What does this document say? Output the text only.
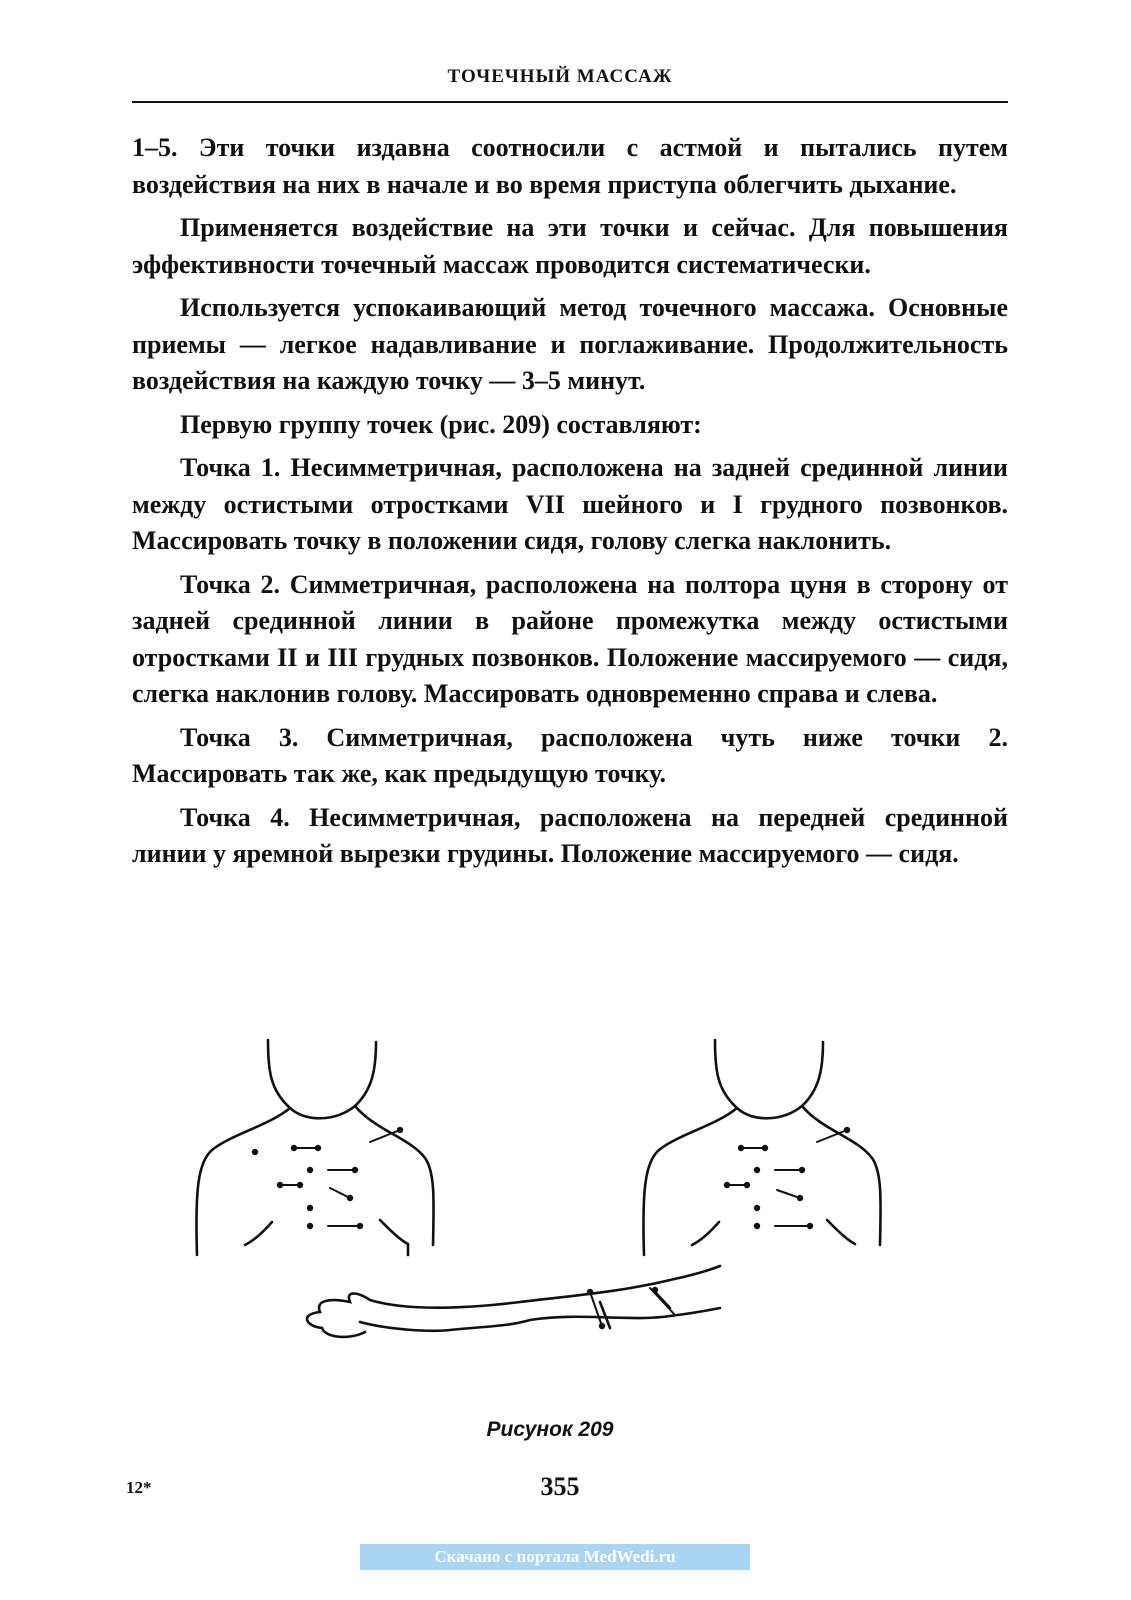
ТОЧЕЧНЫЙ МАССАЖ

1–5. Эти точки издавна соотносили с астмой и пытались путем воздействия на них в начале и во время приступа облегчить дыхание.

Применяется воздействие на эти точки и сейчас. Для повышения эффективности точечный массаж проводится систематически.

Используется успокаивающий метод точечного массажа. Основные приемы — легкое надавливание и поглаживание. Продолжительность воздействия на каждую точку — 3–5 минут.

Первую группу точек (рис. 209) составляют:

Точка 1. Несимметричная, расположена на задней срединной линии между остистыми отростками VII шейного и I грудного позвонков. Массировать точку в положении сидя, голову слегка наклонить.

Точка 2. Симметричная, расположена на полтора цуня в сторону от задней срединной линии в районе промежутка между остистыми отростками II и III грудных позвонков. Положение массируемого — сидя, слегка наклонив голову. Массировать одновременно справа и слева.

Точка 3. Симметричная, расположена чуть ниже точки 2. Массировать так же, как предыдущую точку.

Точка 4. Несимметричная, расположена на передней срединной линии у яремной вырезки грудины. Положение массируемого — сидя.

Рисунок 209
12*	355
Скачано с портала MedWedi.ru
